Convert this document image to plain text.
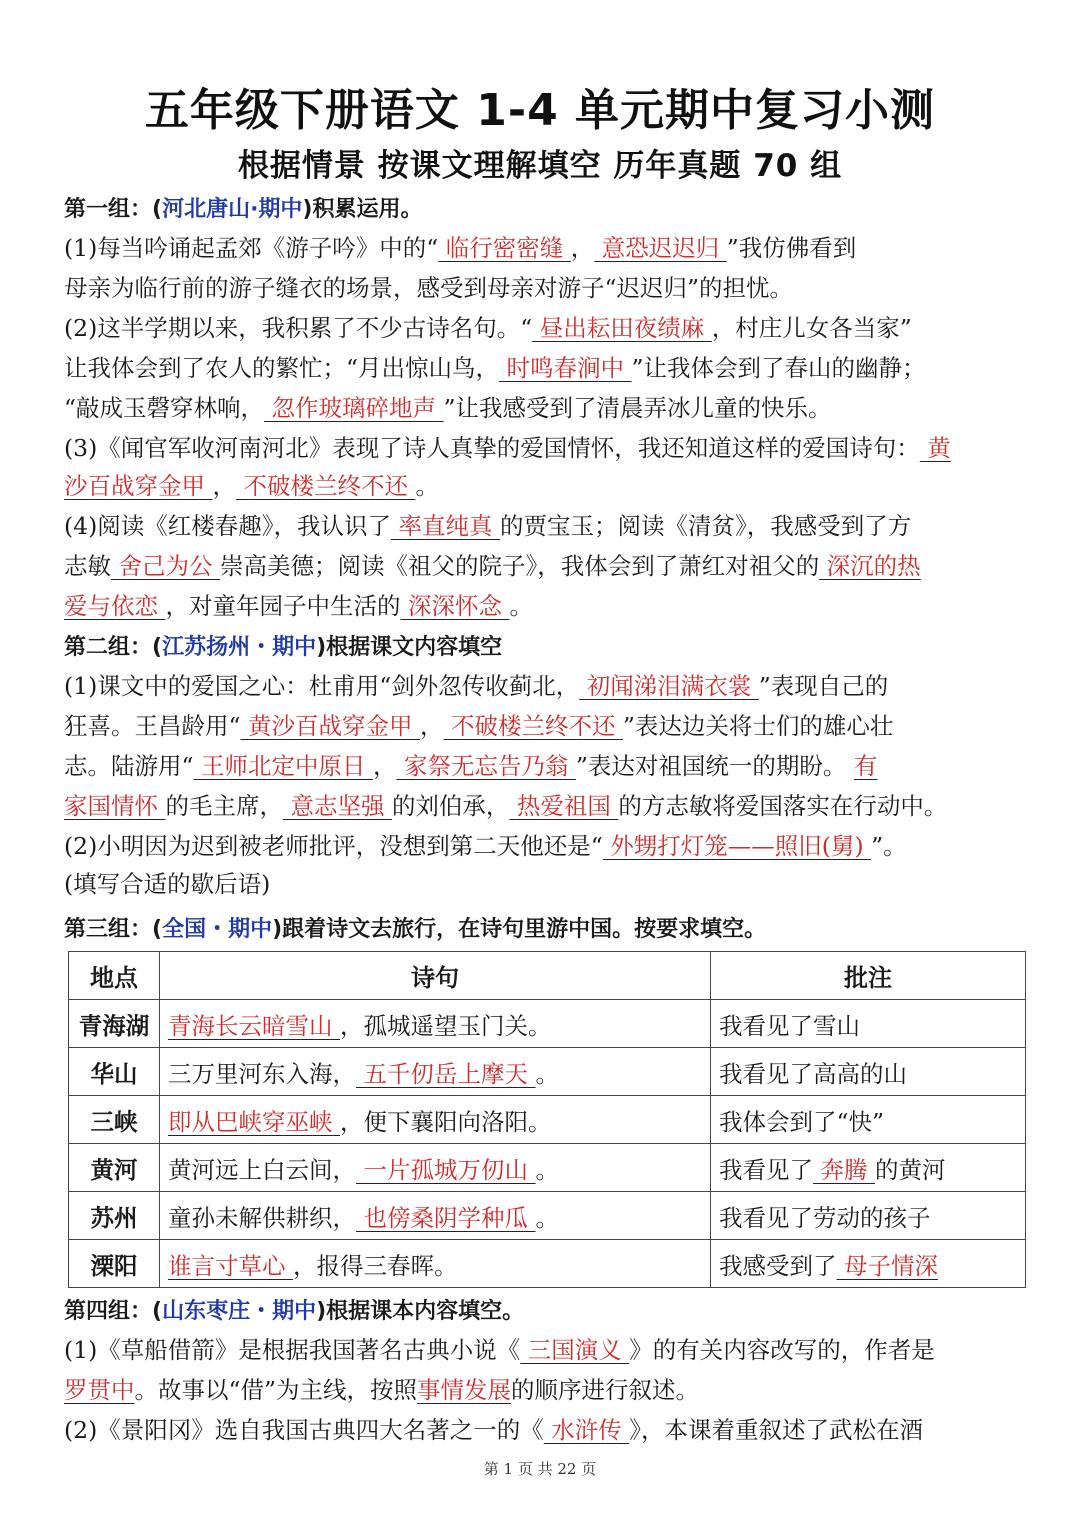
五年级下册语文 1-4 单元期中复习小测
根据情景 按课文理解填空 历年真题 70 组
第一组：(河北唐山·期中)积累运用。
(1)每当吟诵起孟郊《游子吟》中的“ 临行密密缝 ， 意恐迟迟归 ”我仿佛看到
母亲为临行前的游子缝衣的场景，感受到母亲对游子“迟迟归”的担忧。
(2)这半学期以来，我积累了不少古诗名句。“ 昼出耘田夜绩麻 ，村庄儿女各当家”
让我体会到了农人的繁忙；“月出惊山鸟， 时鸣春涧中 ”让我体会到了春山的幽静；
“敲成玉磬穿林响， 忽作玻璃碎地声 ”让我感受到了清晨弄冰儿童的快乐。
(3)《闻官军收河南河北》表现了诗人真挚的爱国情怀，我还知道这样的爱国诗句： 黄
沙百战穿金甲 ， 不破楼兰终不还 。
(4)阅读《红楼春趣》，我认识了 率直纯真 的贾宝玉；阅读《清贫》，我感受到了方
志敏 舍己为公 崇高美德；阅读《祖父的院子》，我体会到了萧红对祖父的 深沉的热
爱与依恋 ，对童年园子中生活的 深深怀念 。
第二组：(江苏扬州・期中)根据课文内容填空
(1)课文中的爱国之心：杜甫用“剑外忽传收蓟北， 初闻涕泪满衣裳 ”表现自己的
狂喜。王昌龄用“ 黄沙百战穿金甲 ， 不破楼兰终不还 ”表达边关将士们的雄心壮
志。陆游用“ 王师北定中原日 ， 家祭无忘告乃翁 ”表达对祖国统一的期盼。 有
家国情怀 的毛主席， 意志坚强 的刘伯承， 热爱祖国 的方志敏将爱国落实在行动中。
(2)小明因为迟到被老师批评，没想到第二天他还是“ 外甥打灯笼——照旧(舅) ”。
(填写合适的歇后语)
第三组：(全国・期中)跟着诗文去旅行，在诗句里游中国。按要求填空。
地点	诗句	批注
青海湖	青海长云暗雪山 ，孤城遥望玉门关。	我看见了雪山
华山	三万里河东入海， 五千仞岳上摩天 。	我看见了高高的山
三峡	即从巴峡穿巫峡 ，便下襄阳向洛阳。	我体会到了“快”
黄河	黄河远上白云间， 一片孤城万仞山 。	我看见了 奔腾 的黄河
苏州	童孙未解供耕织， 也傍桑阴学种瓜 。	我看见了劳动的孩子
溧阳	谁言寸草心 ，报得三春晖。	我感受到了 母子情深
第四组：(山东枣庄・期中)根据课本内容填空。
(1)《草船借箭》是根据我国著名古典小说《 三国演义 》的有关内容改写的，作者是
罗贯中。故事以“借”为主线，按照事情发展的顺序进行叙述。
(2)《景阳冈》选自我国古典四大名著之一的《 水浒传 》，本课着重叙述了武松在酒
第 1 页 共 22 页
